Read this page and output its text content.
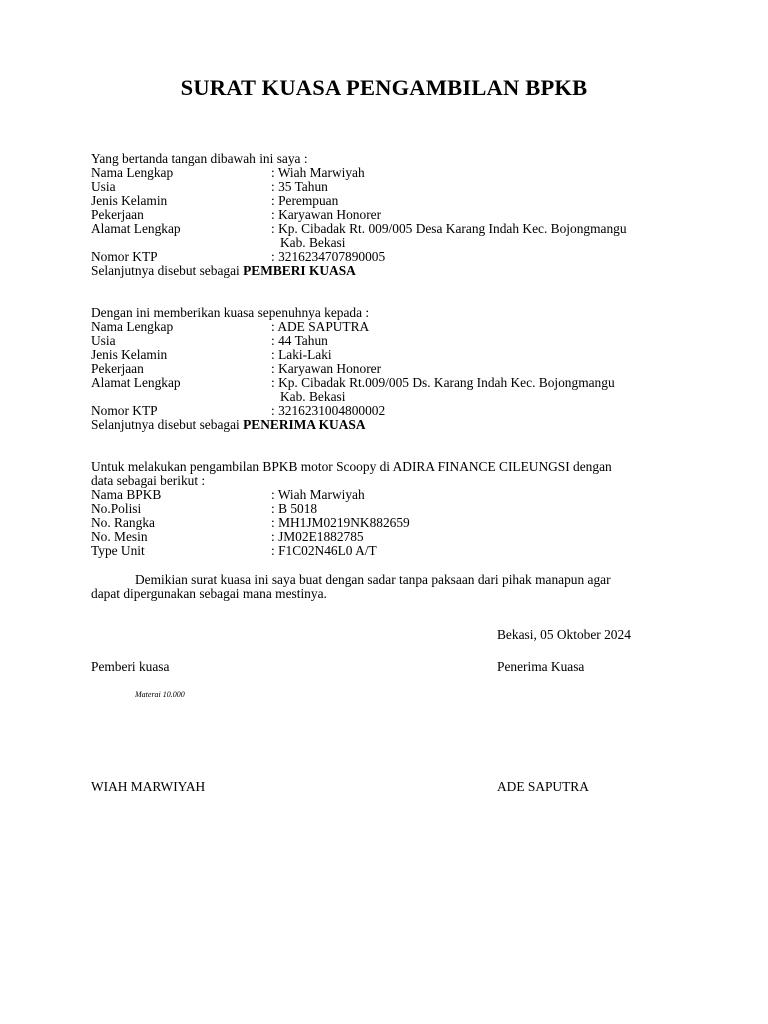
SURAT KUASA PENGAMBILAN BPKB
Yang bertanda tangan dibawah ini saya :
Nama Lengkap	: Wiah Marwiyah
Usia	: 35 Tahun
Jenis Kelamin	: Perempuan
Pekerjaan	: Karyawan Honorer
Alamat Lengkap	: Kp. Cibadak Rt. 009/005 Desa Karang Indah Kec. Bojongmangu
Kab. Bekasi
Nomor KTP	: 3216234707890005
Selanjutnya disebut sebagai PEMBERI KUASA
Dengan ini memberikan kuasa sepenuhnya kepada :
Nama Lengkap	: ADE SAPUTRA
Usia	: 44 Tahun
Jenis Kelamin	: Laki-Laki
Pekerjaan	: Karyawan Honorer
Alamat Lengkap	: Kp. Cibadak Rt.009/005 Ds. Karang Indah Kec. Bojongmangu
Kab. Bekasi
Nomor KTP	: 3216231004800002
Selanjutnya disebut sebagai PENERIMA KUASA
Untuk melakukan pengambilan BPKB motor Scoopy di ADIRA FINANCE CILEUNGSI dengan
data sebagai berikut :
Nama BPKB	: Wiah Marwiyah
No.Polisi	: B 5018
No. Rangka	: MH1JM0219NK882659
No. Mesin	: JM02E1882785
Type Unit	: F1C02N46L0 A/T
Demikian surat kuasa ini saya buat dengan sadar tanpa paksaan dari pihak manapun agar
dapat dipergunakan sebagai mana mestinya.
Bekasi, 05 Oktober 2024
Pemberi kuasa	Penerima Kuasa
Materai 10.000
WIAH MARWIYAH	ADE SAPUTRA
